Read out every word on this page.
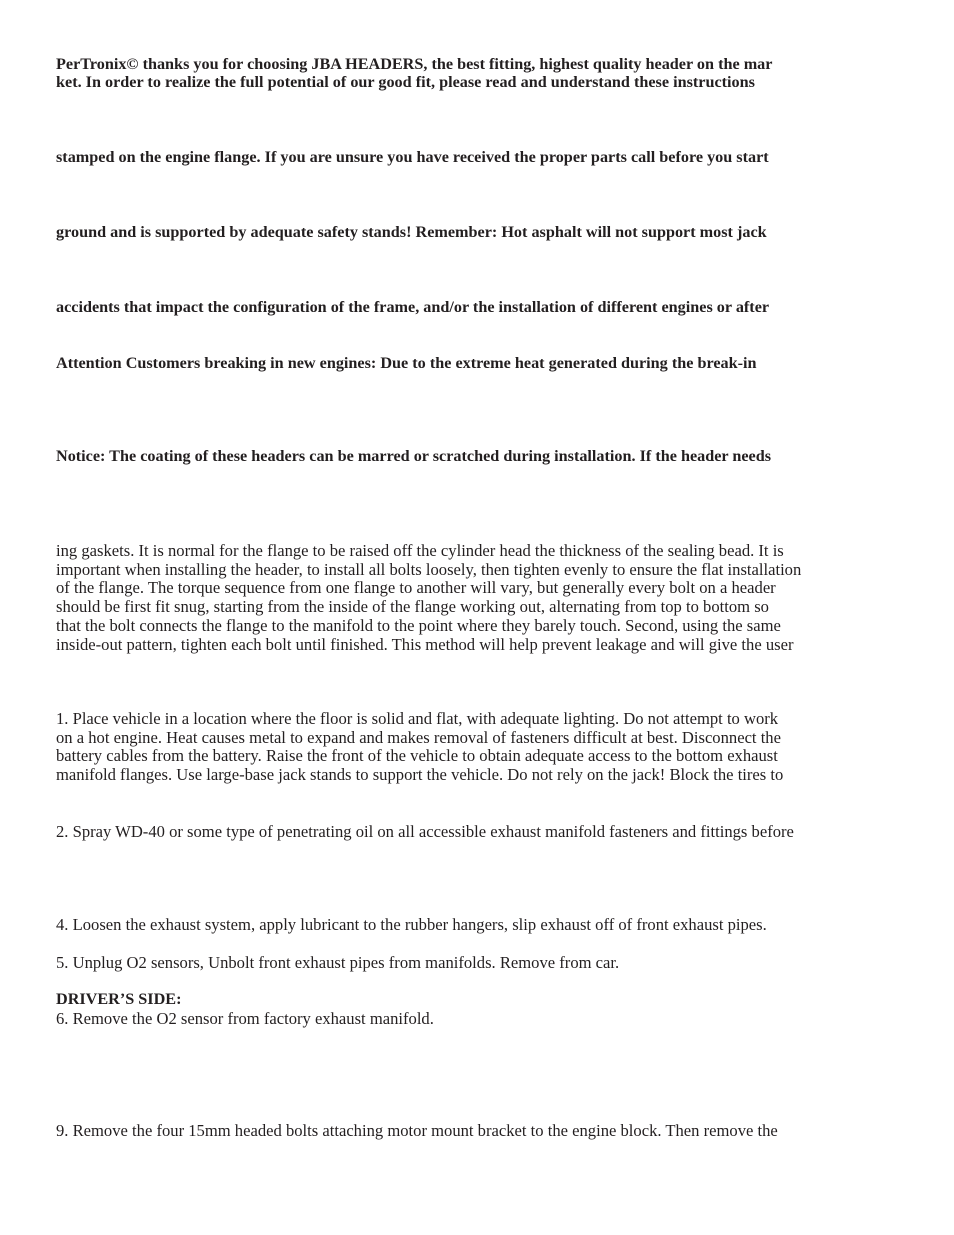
PerTronix© thanks you for choosing JBA HEADERS, the best fitting, highest quality header on the mar
ket. In order to realize the full potential of our good fit, please read and understand these instructions
stamped on the engine flange. If you are unsure you have received the proper parts call before you start
ground and is supported by adequate safety stands! Remember: Hot asphalt will not support most jack
accidents that impact the configuration of the frame, and/or the installation of different engines or after
Attention Customers breaking in new engines: Due to the extreme heat generated during the break-in
Notice: The coating of these headers can be marred or scratched during installation. If the header needs
ing gaskets. It is normal for the flange to be raised off the cylinder head the thickness of the sealing bead. It is
important when installing the header, to install all bolts loosely, then tighten evenly to ensure the flat installation
of the flange. The torque sequence from one flange to another will vary, but generally every bolt on a header
should be first fit snug, starting from the inside of the flange working out, alternating from top to bottom so
that the bolt connects the flange to the manifold to the point where they barely touch. Second, using the same
inside-out pattern, tighten each bolt until finished. This method will help prevent leakage and will give the user
1. Place vehicle in a location where the floor is solid and flat, with adequate lighting. Do not attempt to work
on a hot engine. Heat causes metal to expand and makes removal of fasteners difficult at best. Disconnect the
battery cables from the battery. Raise the front of the vehicle to obtain adequate access to the bottom exhaust
manifold flanges. Use large-base jack stands to support the vehicle. Do not rely on the jack! Block the tires to
2. Spray WD-40 or some type of penetrating oil on all accessible exhaust manifold fasteners and fittings before
4. Loosen the exhaust system, apply lubricant to the rubber hangers, slip exhaust off of front exhaust pipes.
5. Unplug O2 sensors, Unbolt front exhaust pipes from manifolds. Remove from car.
DRIVER’S SIDE:
6. Remove the O2 sensor from factory exhaust manifold.
9. Remove the four 15mm headed bolts attaching motor mount bracket to the engine block. Then remove the
